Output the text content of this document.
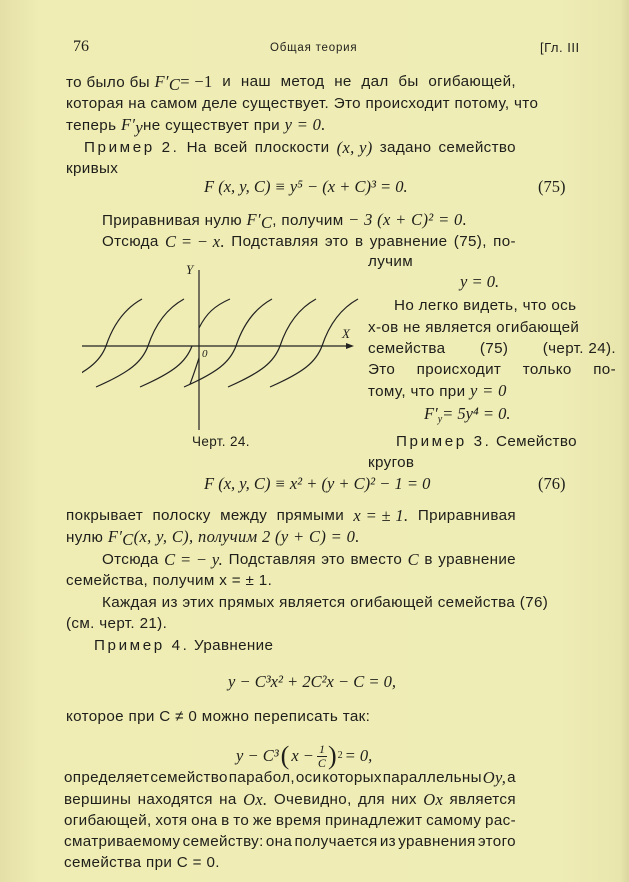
76	Общая теория	[Гл. III
то было бы $F'_C= -1$ и наш метод не дал бы огибающей,
которая на самом деле существует. Это происходит потому, что
теперь $F'_yне$ существует при y = 0.
Пример 2. На всей плоскости (x, y) задано семейство
кривых
F (x, y, C) ≡ y⁵ − (x + C)³ = 0.	(75)
Приравнивая нулю $F'_C$, получим − 3 (x + C)² = 0.
Отсюда C = − x. Подставляя это в уравнение (75), по-
лучим
y = 0.
Y
X
0
Черт. 24.
Но легко видеть, что ось
x-ов не является огибающей
семейства (75) (черт. 24).
Это происходит только по-
тому, что при y = 0
$F'_y= 5y^4 = 0$.
Пример 3. Семейство
кругов
F (x, y, C) ≡ x² + (y + C)² − 1 = 0	(76)
покрывает полоску между прямыми x = ± 1. Приравнивая
нулю $F'_C(x$, y, C), получим 2 (y + C) = 0.
Отсюда C = − y. Подставляя это вместо C в уравнение
семейства, получим x = ± 1.
Каждая из этих прямых является огибающей семейства (76)
(см. черт. 21).
Пример 4. Уравнение
y − C³x² + 2C²x − C = 0,
которое при C ≠ 0 можно переписать так:
y − C³ ( $x - \frac{1}{C}$ ) 2 = 0,
определяет семейство парабол, оси которых параллельны Oy, а
вершины находятся на Ox. Очевидно, для них Ox является
огибающей, хотя она в то же время принадлежит самому рас-
сматриваемому семейству: она получается из уравнения этого
семейства при C = 0.
